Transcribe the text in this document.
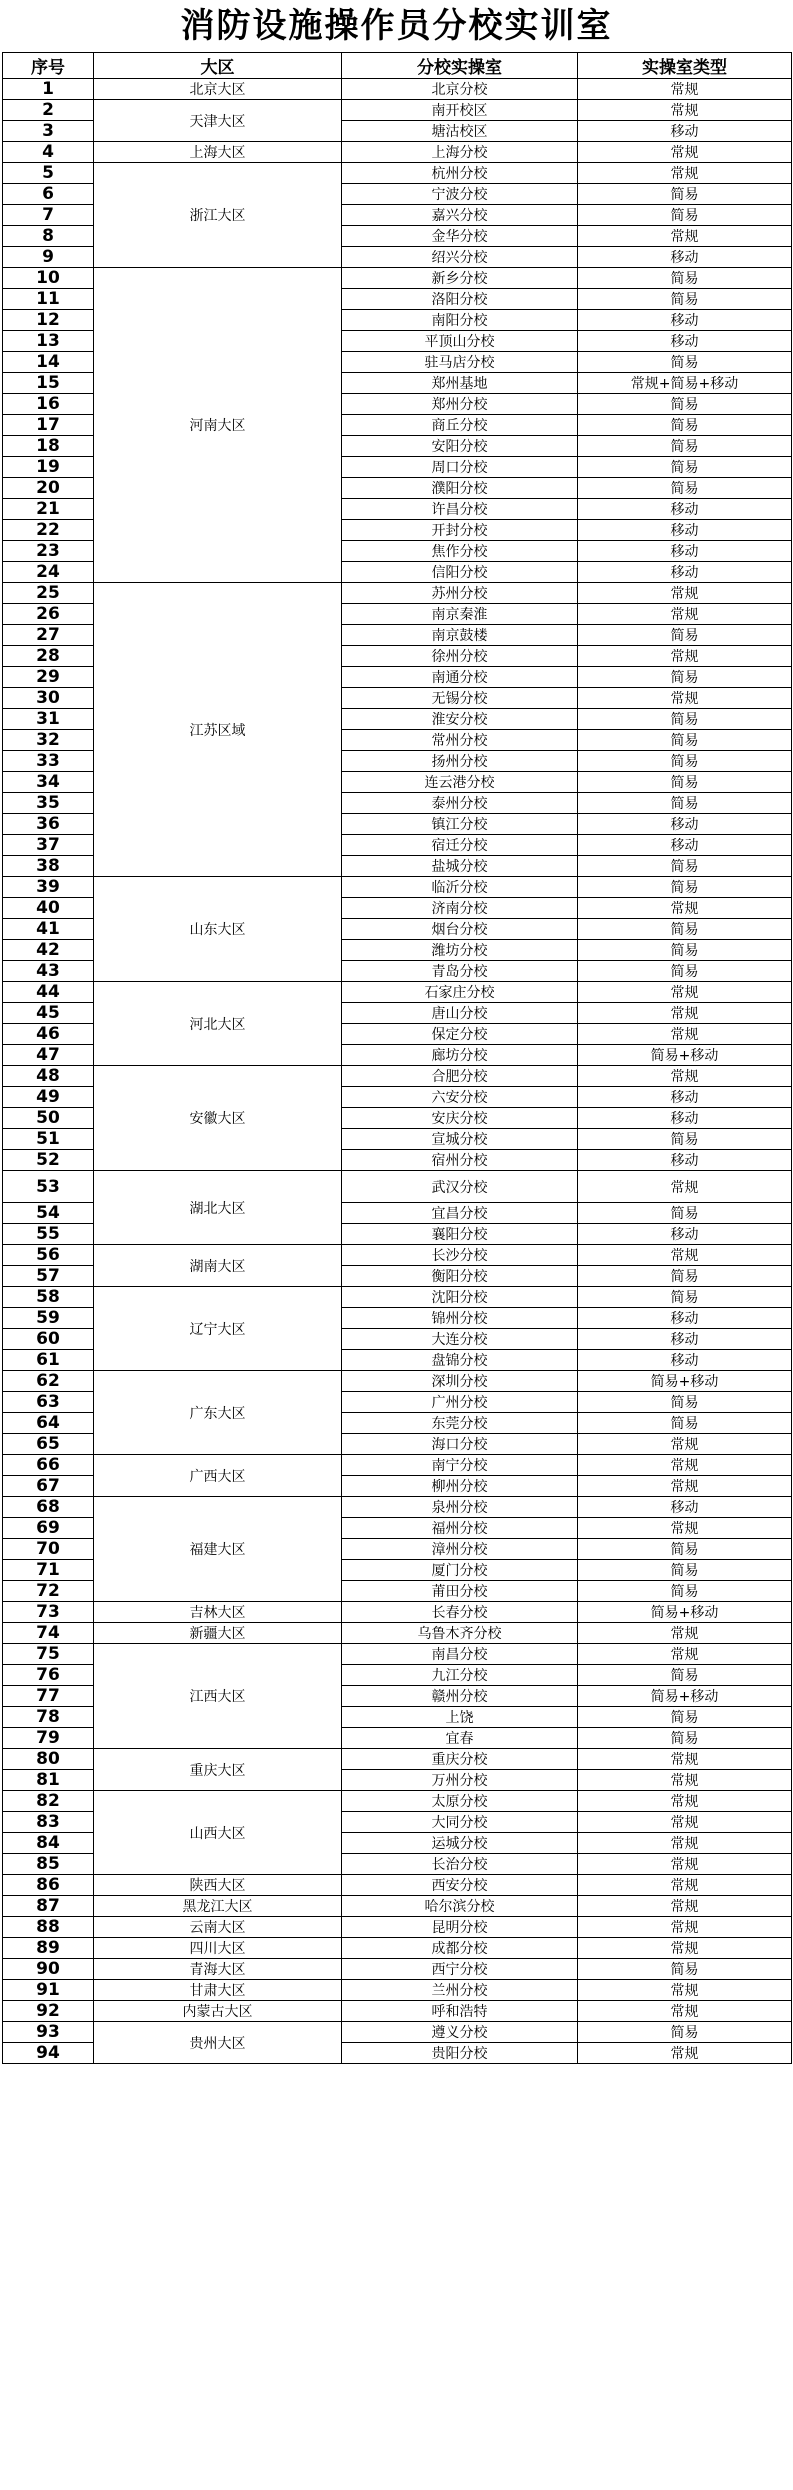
消防设施操作员分校实训室
序号	大区	分校实操室	实操室类型
1	北京大区	北京分校	常规
2	天津大区	南开校区	常规
3		塘沽校区	移动
4	上海大区	上海分校	常规
5	浙江大区	杭州分校	常规
6		宁波分校	简易
7		嘉兴分校	简易
8		金华分校	常规
9		绍兴分校	移动
10	河南大区	新乡分校	简易
11		洛阳分校	简易
12		南阳分校	移动
13		平顶山分校	移动
14		驻马店分校	简易
15		郑州基地	常规+简易+移动
16		郑州分校	简易
17		商丘分校	简易
18		安阳分校	简易
19		周口分校	简易
20		濮阳分校	简易
21		许昌分校	移动
22		开封分校	移动
23		焦作分校	移动
24		信阳分校	移动
25	江苏区域	苏州分校	常规
26		南京秦淮	常规
27		南京鼓楼	简易
28		徐州分校	常规
29		南通分校	简易
30		无锡分校	常规
31		淮安分校	简易
32		常州分校	简易
33		扬州分校	简易
34		连云港分校	简易
35		泰州分校	简易
36		镇江分校	移动
37		宿迁分校	移动
38		盐城分校	简易
39	山东大区	临沂分校	简易
40		济南分校	常规
41		烟台分校	简易
42		潍坊分校	简易
43		青岛分校	简易
44	河北大区	石家庄分校	常规
45		唐山分校	常规
46		保定分校	常规
47		廊坊分校	简易+移动
48	安徽大区	合肥分校	常规
49		六安分校	移动
50		安庆分校	移动
51		宣城分校	简易
52		宿州分校	移动
53	湖北大区	武汉分校	常规
54		宜昌分校	简易
55		襄阳分校	移动
56	湖南大区	长沙分校	常规
57		衡阳分校	简易
58	辽宁大区	沈阳分校	简易
59		锦州分校	移动
60		大连分校	移动
61		盘锦分校	移动
62	广东大区	深圳分校	简易+移动
63		广州分校	简易
64		东莞分校	简易
65		海口分校	常规
66	广西大区	南宁分校	常规
67		柳州分校	常规
68	福建大区	泉州分校	移动
69		福州分校	常规
70		漳州分校	简易
71		厦门分校	简易
72		莆田分校	简易
73	吉林大区	长春分校	简易+移动
74	新疆大区	乌鲁木齐分校	常规
75	江西大区	南昌分校	常规
76		九江分校	简易
77		赣州分校	简易+移动
78		上饶	简易
79		宜春	简易
80	重庆大区	重庆分校	常规
81		万州分校	常规
82	山西大区	太原分校	常规
83		大同分校	常规
84		运城分校	常规
85		长治分校	常规
86	陕西大区	西安分校	常规
87	黑龙江大区	哈尔滨分校	常规
88	云南大区	昆明分校	常规
89	四川大区	成都分校	常规
90	青海大区	西宁分校	简易
91	甘肃大区	兰州分校	常规
92	内蒙古大区	呼和浩特	常规
93	贵州大区	遵义分校	简易
94		贵阳分校	常规
